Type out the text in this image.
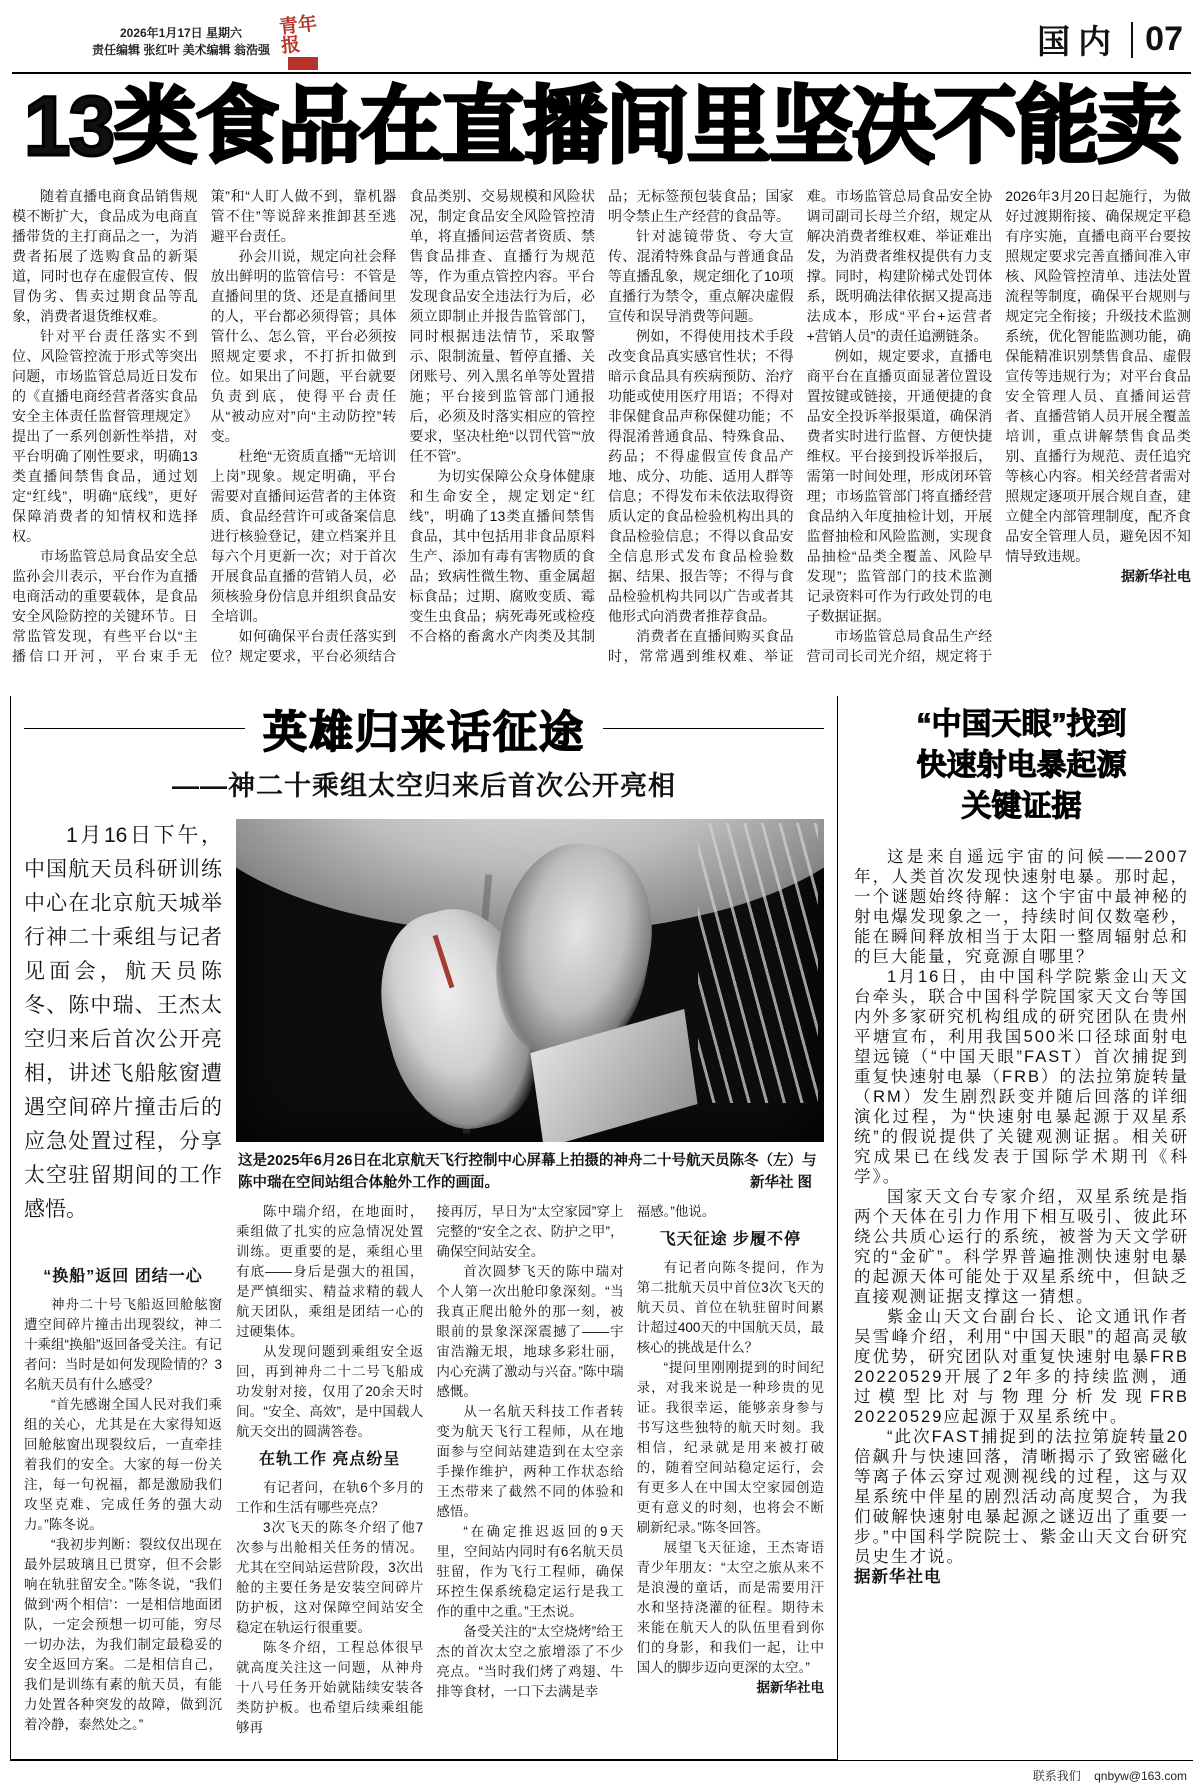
2026年1月17日 星期六
责任编辑 张红叶 美术编辑 翁浩强
青年报	国内 07
13类食品在直播间里坚决不能卖

随着直播电商食品销售规模不断扩大，食品成为电商直播带货的主打商品之一，为消费者拓展了选购食品的新渠道，同时也存在虚假宣传、假冒伪劣、售卖过期食品等乱象，消费者退货维权难。

针对平台责任落实不到位、风险管控流于形式等突出问题，市场监管总局近日发布的《直播电商经营者落实食品安全主体责任监督管理规定》提出了一系列创新性举措，对平台明确了刚性要求，明确13类直播间禁售食品，通过划定“红线”，明确“底线”，更好保障消费者的知情权和选择权。

市场监管总局食品安全总监孙会川表示，平台作为直播电商活动的重要载体，是食品安全风险防控的关键环节。日常监管发现，有些平台以“主播信口开河，平台束手无策”和“人盯人做不到，靠机器管不住”等说辞来推卸甚至逃避平台责任。

孙会川说，规定向社会释放出鲜明的监管信号：不管是直播间里的货、还是直播间里的人，平台都必须得管；具体管什么、怎么管，平台必须按照规定要求，不打折扣做到位。如果出了问题，平台就要负责到底，使得平台责任从“被动应对”向“主动防控”转变。

杜绝“无资质直播”“无培训上岗”现象。规定明确，平台需要对直播间运营者的主体资质、食品经营许可或备案信息进行核验登记，建立档案并且每六个月更新一次；对于首次开展食品直播的营销人员，必须核验身份信息并组织食品安全培训。

如何确保平台责任落实到位？规定要求，平台必须结合食品类别、交易规模和风险状况，制定食品安全风险管控清单，将直播间运营者资质、禁售食品排查、直播行为规范等，作为重点管控内容。平台发现食品安全违法行为后，必须立即制止并报告监管部门，同时根据违法情节，采取警示、限制流量、暂停直播、关闭账号、列入黑名单等处置措施；平台接到监管部门通报后，必须及时落实相应的管控要求，坚决杜绝“以罚代管”“放任不管”。

为切实保障公众身体健康和生命安全，规定划定“红线”，明确了13类直播间禁售食品，其中包括用非食品原料生产、添加有毒有害物质的食品；致病性微生物、重金属超标食品；过期、腐败变质、霉变生虫食品；病死毒死或检疫不合格的畜禽水产肉类及其制品；无标签预包装食品；国家明令禁止生产经营的食品等。

针对滤镜带货、夸大宣传、混淆特殊食品与普通食品等直播乱象，规定细化了10项直播行为禁令，重点解决虚假宣传和误导消费等问题。

例如，不得使用技术手段改变食品真实感官性状；不得暗示食品具有疾病预防、治疗功能或使用医疗用语；不得对非保健食品声称保健功能；不得混淆普通食品、特殊食品、药品；不得虚假宣传食品产地、成分、功能、适用人群等信息；不得发布未依法取得资质认定的食品检验机构出具的食品检验信息；不得以食品安全信息形式发布食品检验数据、结果、报告等；不得与食品检验机构共同以广告或者其他形式向消费者推荐食品。

消费者在直播间购买食品时，常常遇到维权难、举证难。市场监管总局食品安全协调司副司长母兰介绍，规定从解决消费者维权难、举证难出发，为消费者维权提供有力支撑。同时，构建阶梯式处罚体系，既明确法律依据又提高违法成本，形成“平台+运营者+营销人员”的责任追溯链条。

例如，规定要求，直播电商平台在直播页面显著位置设置按键或链接，开通便捷的食品安全投诉举报渠道，确保消费者实时进行监督、方便快捷维权。平台接到投诉举报后，需第一时间处理，形成闭环管理；市场监管部门将直播经营食品纳入年度抽检计划，开展监督抽检和风险监测，实现食品抽检“品类全覆盖、风险早发现”；监管部门的技术监测记录资料可作为行政处罚的电子数据证据。

市场监管总局食品生产经营司司长司光介绍，规定将于2026年3月20日起施行，为做好过渡期衔接、确保规定平稳有序实施，直播电商平台要按照规定要求完善直播间准入审核、风险管控清单、违法处置流程等制度，确保平台规则与规定完全衔接；升级技术监测系统，优化智能监测功能，确保能精准识别禁售食品、虚假宣传等违规行为；对平台食品安全管理人员、直播间运营者、直播营销人员开展全覆盖培训，重点讲解禁售食品类别、直播行为规范、责任追究等核心内容。相关经营者需对照规定逐项开展合规自查，建立健全内部管理制度，配齐食品安全管理人员，避免因不知情导致违规。

据新华社电

英雄归来话征途
——神二十乘组太空归来后首次公开亮相

1月16日下午，中国航天员科研训练中心在北京航天城举行神二十乘组与记者见面会，航天员陈冬、陈中瑞、王杰太空归来后首次公开亮相，讲述飞船舷窗遭遇空间碎片撞击后的应急处置过程，分享太空驻留期间的工作感悟。

“换船”返回 团结一心

神舟二十号飞船返回舱舷窗遭空间碎片撞击出现裂纹，神二十乘组“换船”返回备受关注。有记者问：当时是如何发现险情的？3名航天员有什么感受？

“首先感谢全国人民对我们乘组的关心，尤其是在大家得知返回舱舷窗出现裂纹后，一直牵挂着我们的安全。大家的每一份关注，每一句祝福，都是激励我们攻坚克难、完成任务的强大动力。”陈冬说。

“我初步判断：裂纹仅出现在最外层玻璃且已贯穿，但不会影响在轨驻留安全。”陈冬说，“我们做到‘两个相信’：一是相信地面团队，一定会预想一切可能，穷尽一切办法，为我们制定最稳妥的安全返回方案。二是相信自己，我们是训练有素的航天员，有能力处置各种突发的故障，做到沉着冷静，泰然处之。”

这是2025年6月26日在北京航天飞行控制中心屏幕上拍摄的神舟二十号航天员陈冬（左）与
陈中瑞在空间站组合体舱外工作的画面。	新华社 图

陈中瑞介绍，在地面时，乘组做了扎实的应急情况处置训练。更重要的是，乘组心里有底——身后是强大的祖国，是严慎细实、精益求精的载人航天团队，乘组是团结一心的过硬集体。

从发现问题到乘组安全返回，再到神舟二十二号飞船成功发射对接，仅用了20余天时间。“安全、高效”，是中国载人航天交出的圆满答卷。

在轨工作 亮点纷呈

有记者问，在轨6个多月的工作和生活有哪些亮点？

3次飞天的陈冬介绍了他7次参与出舱相关任务的情况。尤其在空间站运营阶段，3次出舱的主要任务是安装空间碎片防护板，这对保障空间站安全稳定在轨运行很重要。

陈冬介绍，工程总体很早就高度关注这一问题，从神舟十八号任务开始就陆续安装各类防护板。也希望后续乘组能够再

接再厉，早日为“太空家园”穿上完整的“安全之衣、防护之甲”，确保空间站安全。

首次圆梦飞天的陈中瑞对个人第一次出舱印象深刻。“当我真正爬出舱外的那一刻，被眼前的景象深深震撼了——宇宙浩瀚无垠，地球多彩壮丽，内心充满了激动与兴奋。”陈中瑞感慨。

从一名航天科技工作者转变为航天飞行工程师，从在地面参与空间站建造到在太空亲手操作维护，两种工作状态给王杰带来了截然不同的体验和感悟。

“在确定推迟返回的9天里，空间站内同时有6名航天员驻留，作为飞行工程师，确保环控生保系统稳定运行是我工作的重中之重。”王杰说。

备受关注的“太空烧烤”给王杰的首次太空之旅增添了不少亮点。“当时我们烤了鸡翅、牛排等食材，一口下去满是幸

福感。”他说。

飞天征途 步履不停

有记者向陈冬提问，作为第二批航天员中首位3次飞天的航天员、首位在轨驻留时间累计超过400天的中国航天员，最核心的挑战是什么？

“提问里刚刚提到的时间纪录，对我来说是一种珍贵的见证。我很幸运，能够亲身参与书写这些独特的航天时刻。我相信，纪录就是用来被打破的，随着空间站稳定运行，会有更多人在中国太空家园创造更有意义的时刻，也将会不断刷新纪录。”陈冬回答。

展望飞天征途，王杰寄语青少年朋友：“太空之旅从来不是浪漫的童话，而是需要用汗水和坚持浇灌的征程。期待未来能在航天人的队伍里看到你们的身影，和我们一起，让中国人的脚步迈向更深的太空。”

据新华社电

“中国天眼”找到
快速射电暴起源
关键证据

这是来自遥远宇宙的问候——2007年，人类首次发现快速射电暴。那时起，一个谜题始终待解：这个宇宙中最神秘的射电爆发现象之一，持续时间仅数毫秒，能在瞬间释放相当于太阳一整周辐射总和的巨大能量，究竟源自哪里？

1月16日，由中国科学院紫金山天文台牵头，联合中国科学院国家天文台等国内外多家研究机构组成的研究团队在贵州平塘宣布，利用我国500米口径球面射电望远镜（“中国天眼”FAST）首次捕捉到重复快速射电暴（FRB）的法拉第旋转量（RM）发生剧烈跃变并随后回落的详细演化过程，为“快速射电暴起源于双星系统”的假说提供了关键观测证据。相关研究成果已在线发表于国际学术期刊《科学》。

国家天文台专家介绍，双星系统是指两个天体在引力作用下相互吸引、彼此环绕公共质心运行的系统，被誉为天文学研究的“金矿”。科学界普遍推测快速射电暴的起源天体可能处于双星系统中，但缺乏直接观测证据支撑这一猜想。

紫金山天文台副台长、论文通讯作者吴雪峰介绍，利用“中国天眼”的超高灵敏度优势，研究团队对重复快速射电暴FRB 20220529开展了2年多的持续监测，通过模型比对与物理分析发现FRB 20220529应起源于双星系统中。

“此次FAST捕捉到的法拉第旋转量20倍飙升与快速回落，清晰揭示了致密磁化等离子体云穿过观测视线的过程，这与双星系统中伴星的剧烈活动高度契合，为我们破解快速射电暴起源之谜迈出了重要一步。”中国科学院院士、紫金山天文台研究员史生才说。

据新华社电

联系我们 qnbyw@163.com
